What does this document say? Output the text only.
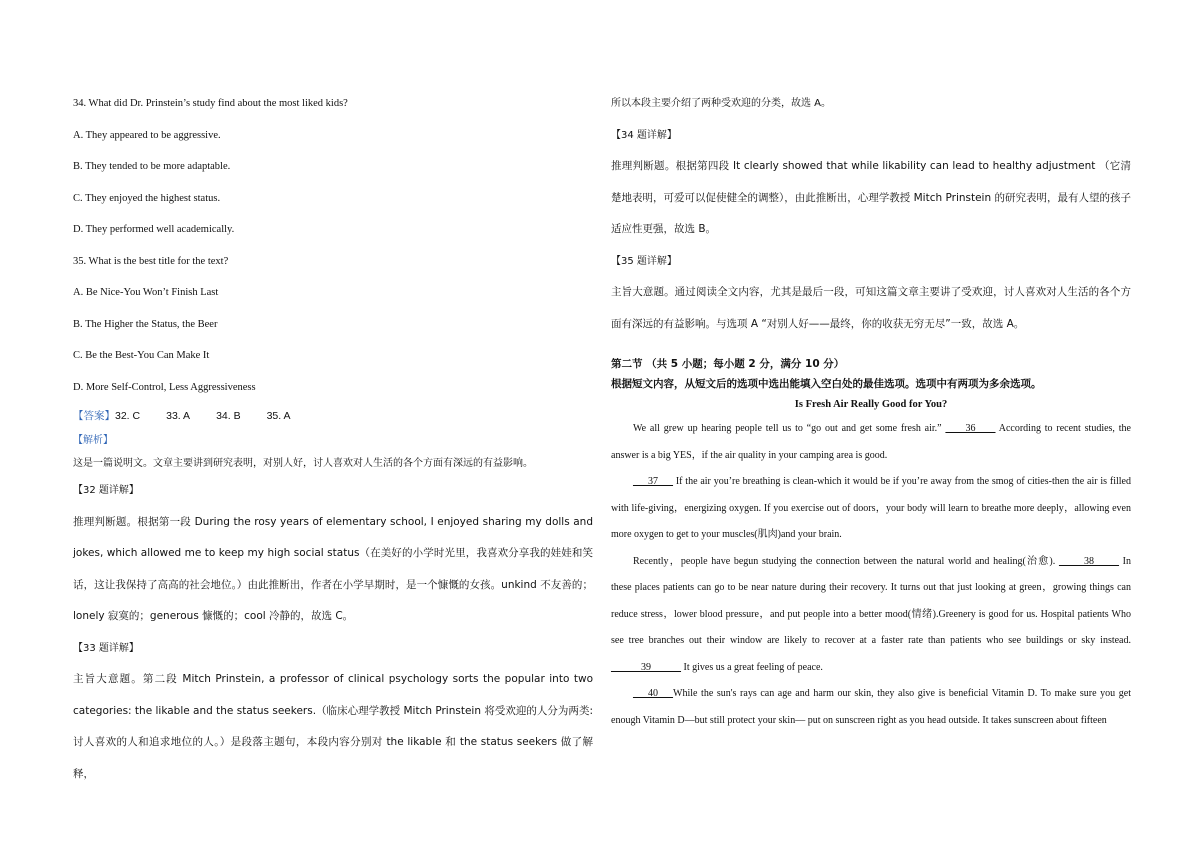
34. What did Dr. Prinstein’s study find about the most liked kids?

A. They appeared to be aggressive.

B. They tended to be more adaptable.

C. They enjoyed the highest status.

D. They performed well academically.

35. What is the best title for the text?

A. Be Nice-You Won’t Finish Last

B. The Higher the Status, the Beer

C. Be the Best-You Can Make It

D. More Self-Control, Less Aggressiveness

【答案】32. C 33. A 34. B 35. A

【解析】

这是一篇说明文。文章主要讲到研究表明，对别人好，讨人喜欢对人生活的各个方面有深远的有益影响。

【32 题详解】

推理判断题。根据第一段 During the rosy years of elementary school, I enjoyed sharing my dolls and jokes, which allowed me to keep my high social status（在美好的小学时光里，我喜欢分享我的娃娃和笑话，这让我保持了高高的社会地位。）由此推断出，作者在小学早期时，是一个慷慨的女孩。unkind 不友善的；lonely 寂寞的；generous 慷慨的；cool 冷静的，故选 C。

【33 题详解】

主旨大意题。第二段 Mitch Prinstein, a professor of clinical psychology sorts the popular into two categories: the likable and the status seekers.（临床心理学教授 Mitch Prinstein 将受欢迎的人分为两类:讨人喜欢的人和追求地位的人。）是段落主题句，本段内容分别对 the likable 和 the status seekers 做了解释，

所以本段主要介绍了两种受欢迎的分类，故选 A。

【34 题详解】

推理判断题。根据第四段 It clearly showed that while likability can lead to healthy adjustment （它清楚地表明，可爱可以促使健全的调整），由此推断出，心理学教授 Mitch Prinstein 的研究表明，最有人望的孩子适应性更强，故选 B。

【35 题详解】

主旨大意题。通过阅读全文内容，尤其是最后一段，可知这篇文章主要讲了受欢迎，讨人喜欢对人生活的各个方面有深远的有益影响。与选项 A “对别人好——最终，你的收获无穷无尽”一致，故选 A。

第二节 （共 5 小题；每小题 2 分，满分 10 分）

根据短文内容，从短文后的选项中选出能填入空白处的最佳选项。选项中有两项为多余选项。

Is Fresh Air Really Good for You?

We all grew up hearing people tell us to “go out and get some fresh air.” ____36____ According to recent studies, the answer is a big YES，if the air quality in your camping area is good.

___37___ If the air you’re breathing is clean-which it would be if you’re away from the smog of cities-then the air is filled with life-giving，energizing oxygen. If you exercise out of doors，your body will learn to breathe more deeply，allowing even more oxygen to get to your muscles(肌肉)and your brain.

Recently，people have begun studying the connection between the natural world and healing(治愈). _____38_____ In these places patients can go to be near nature during their recovery. It turns out that just looking at green，growing things can reduce stress，lower blood pressure，and put people into a better mood(情绪).Greenery is good for us. Hospital patients Who see tree branches out their window are likely to recover at a faster rate than patients who see buildings or sky instead. ______39______ It gives us a great feeling of peace.

___40___While the sun's rays can age and harm our skin, they also give is beneficial Vitamin D. To make sure you get enough Vitamin D—but still protect your skin— put on sunscreen right as you head outside. It takes sunscreen about fifteen
